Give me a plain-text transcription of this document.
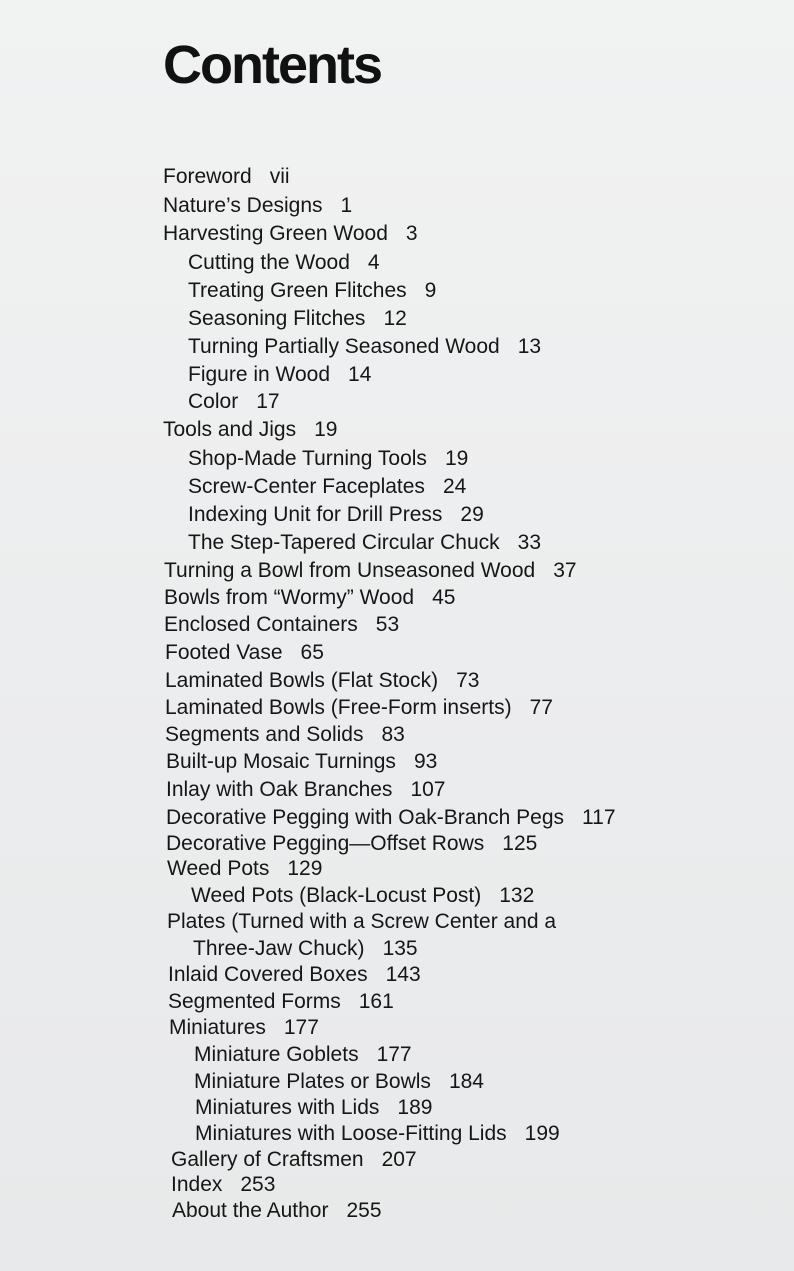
Contents
Foreword vii
Nature’s Designs 1
Harvesting Green Wood 3
Cutting the Wood 4
Treating Green Flitches 9
Seasoning Flitches 12
Turning Partially Seasoned Wood 13
Figure in Wood 14
Color 17
Tools and Jigs 19
Shop-Made Turning Tools 19
Screw-Center Faceplates 24
Indexing Unit for Drill Press 29
The Step-Tapered Circular Chuck 33
Turning a Bowl from Unseasoned Wood 37
Bowls from “Wormy” Wood 45
Enclosed Containers 53
Footed Vase 65
Laminated Bowls (Flat Stock) 73
Laminated Bowls (Free-Form inserts) 77
Segments and Solids 83
Built-up Mosaic Turnings 93
Inlay with Oak Branches 107
Decorative Pegging with Oak-Branch Pegs 117
Decorative Pegging—Offset Rows 125
Weed Pots 129
Weed Pots (Black-Locust Post) 132
Plates (Turned with a Screw Center and a
Three-Jaw Chuck) 135
Inlaid Covered Boxes 143
Segmented Forms 161
Miniatures 177
Miniature Goblets 177
Miniature Plates or Bowls 184
Miniatures with Lids 189
Miniatures with Loose-Fitting Lids 199
Gallery of Craftsmen 207
Index 253
About the Author 255
